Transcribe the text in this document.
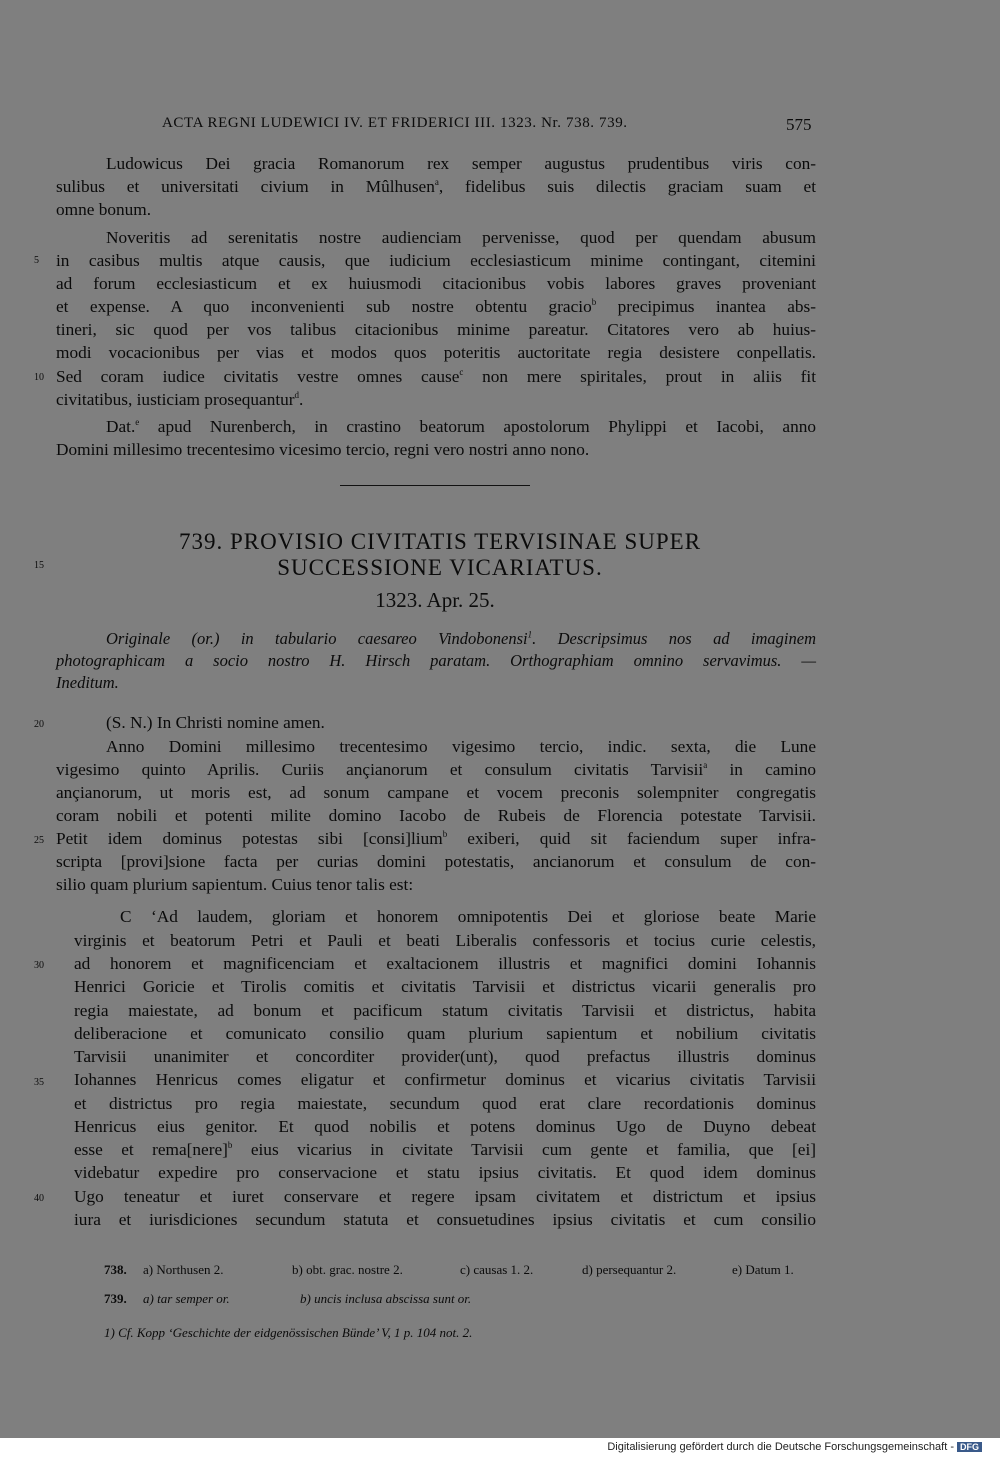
ACTA REGNI LUDEWICI IV. ET FRIDERICI III. 1323. Nr. 738. 739.	575
Ludowicus Dei gracia Romanorum rex semper augustus prudentibus viris con-
sulibus et universitati civium in Mûlhusen$^a$, fidelibus suis dilectis graciam suam et
omne bonum.
Noveritis ad serenitatis nostre audienciam pervenisse, quod per quendam abusum
in casibus multis atque causis, que iudicium ecclesiasticum minime contingant, citemini
ad forum ecclesiasticum et ex huiusmodi citacionibus vobis labores graves proveniant
et expense. A quo inconvenienti sub nostre obtentu gracio$^b$ precipimus inantea abs-
tineri, sic quod per vos talibus citacionibus minime pareatur. Citatores vero ab huius-
modi vocacionibus per vias et modos quos poteritis auctoritate regia desistere conpellatis.
Sed coram iudice civitatis vestre omnes cause$^c$ non mere spiritales, prout in aliis fit
civitatibus, iusticiam prosequantur$^d$.
Dat.$^e$ apud Nurenberch, in crastino beatorum apostolorum Phylippi et Iacobi, anno
Domini millesimo trecentesimo vicesimo tercio, regni vero nostri anno nono.
739. PROVISIO CIVITATIS TERVISINAE SUPER
SUCCESSIONE VICARIATUS.
1323. Apr. 25.
Originale (or.) in tabulario caesareo Vindobonensi$^1$. Descripsimus nos ad imaginem
photographicam a socio nostro H. Hirsch paratam. Orthographiam omnino servavimus. —
Ineditum.
(S. N.) In Christi nomine amen.
Anno Domini millesimo trecentesimo vigesimo tercio, indic. sexta, die Lune
vigesimo quinto Aprilis. Curiis ançianorum et consulum civitatis Tarvisii$^a$ in camino
ançianorum, ut moris est, ad sonum campane et vocem preconis solempniter congregatis
coram nobili et potenti milite domino Iacobo de Rubeis de Florencia potestate Tarvisii.
Petit idem dominus potestas sibi [consi]lium$^b$ exiberi, quid sit faciendum super infra-
scripta [provi]sione facta per curias domini potestatis, ancianorum et consulum de con-
silio quam plurium sapientum. Cuius tenor talis est:
C ʻAd laudem, gloriam et honorem omnipotentis Dei et gloriose beate Marie
virginis et beatorum Petri et Pauli et beati Liberalis confessoris et tocius curie celestis,
ad honorem et magnificenciam et exaltacionem illustris et magnifici domini Iohannis
Henrici Goricie et Tirolis comitis et civitatis Tarvisii et districtus vicarii generalis pro
regia maiestate, ad bonum et pacificum statum civitatis Tarvisii et districtus, habita
deliberacione et comunicato consilio quam plurium sapientum et nobilium civitatis
Tarvisii unanimiter et concorditer provider(unt), quod prefactus illustris dominus
Iohannes Henricus comes eligatur et confirmetur dominus et vicarius civitatis Tarvisii
et districtus pro regia maiestate, secundum quod erat clare recordationis dominus
Henricus eius genitor. Et quod nobilis et potens dominus Ugo de Duyno debeat
esse et rema[nere]$^b$ eius vicarius in civitate Tarvisii cum gente et familia, que [ei]
videbatur expedire pro conservacione et statu ipsius civitatis. Et quod idem dominus
Ugo teneatur et iuret conservare et regere ipsam civitatem et districtum et ipsius
iura et iurisdiciones secundum statuta et consuetudines ipsius civitatis et cum consilio
5
10
15
20
25
30
35
40
738. a) Northusen 2.	b) obt. grac. nostre 2.	c) causas 1. 2.	d) persequantur 2.	e) Datum 1.
739. a) tar semper or.	b) uncis inclusa abscissa sunt or.
1) Cf. Kopp ʻGeschichte der eidgenössischen Bünde’ V, 1 p. 104 not. 2.
Digitalisierung gefördert durch die Deutsche Forschungsgemeinschaft - DFG
